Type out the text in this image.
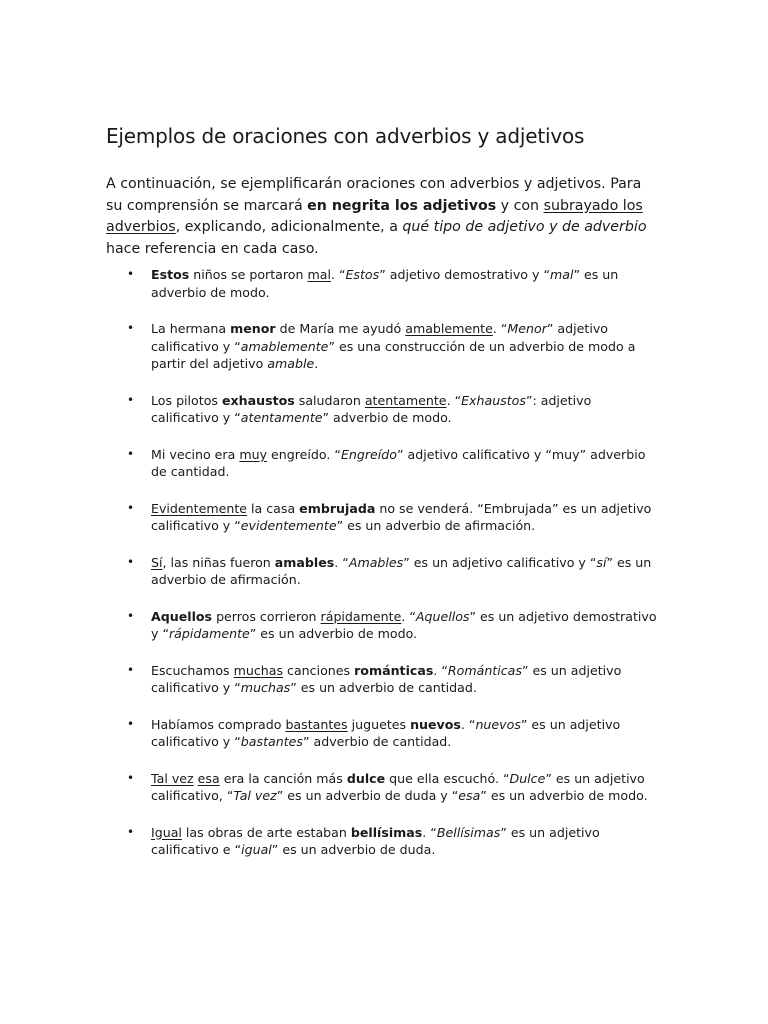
Ejemplos de oraciones con adverbios y adjetivos

A continuación, se ejemplificarán oraciones con adverbios y adjetivos. Para su comprensión se marcará en negrita los adjetivos y con subrayado los adverbios, explicando, adicionalmente, a qué tipo de adjetivo y de adverbio hace referencia en cada caso.

• Estos niños se portaron mal. “Estos” adjetivo demostrativo y “mal” es un adverbio de modo.
• La hermana menor de María me ayudó amablemente. “Menor” adjetivo calificativo y “amablemente” es una construcción de un adverbio de modo a partir del adjetivo amable.
• Los pilotos exhaustos saludaron atentamente. “Exhaustos”: adjetivo calificativo y “atentamente” adverbio de modo.
• Mi vecino era muy engreído. “Engreído” adjetivo calificativo y “muy” adverbio de cantidad.
• Evidentemente la casa embrujada no se venderá. “Embrujada” es un adjetivo calificativo y “evidentemente” es un adverbio de afirmación.
• Sí, las niñas fueron amables. “Amables” es un adjetivo calificativo y “sí” es un adverbio de afirmación.
• Aquellos perros corrieron rápidamente. “Aquellos” es un adjetivo demostrativo y “rápidamente” es un adverbio de modo.
• Escuchamos muchas canciones románticas. “Románticas” es un adjetivo calificativo y “muchas” es un adverbio de cantidad.
• Habíamos comprado bastantes juguetes nuevos. “nuevos” es un adjetivo calificativo y “bastantes” adverbio de cantidad.
• Tal vez esa era la canción más dulce que ella escuchó. “Dulce” es un adjetivo calificativo, “Tal vez” es un adverbio de duda y “esa” es un adverbio de modo.
• Igual las obras de arte estaban bellísimas. “Bellísimas” es un adjetivo calificativo e “igual” es un adverbio de duda.
